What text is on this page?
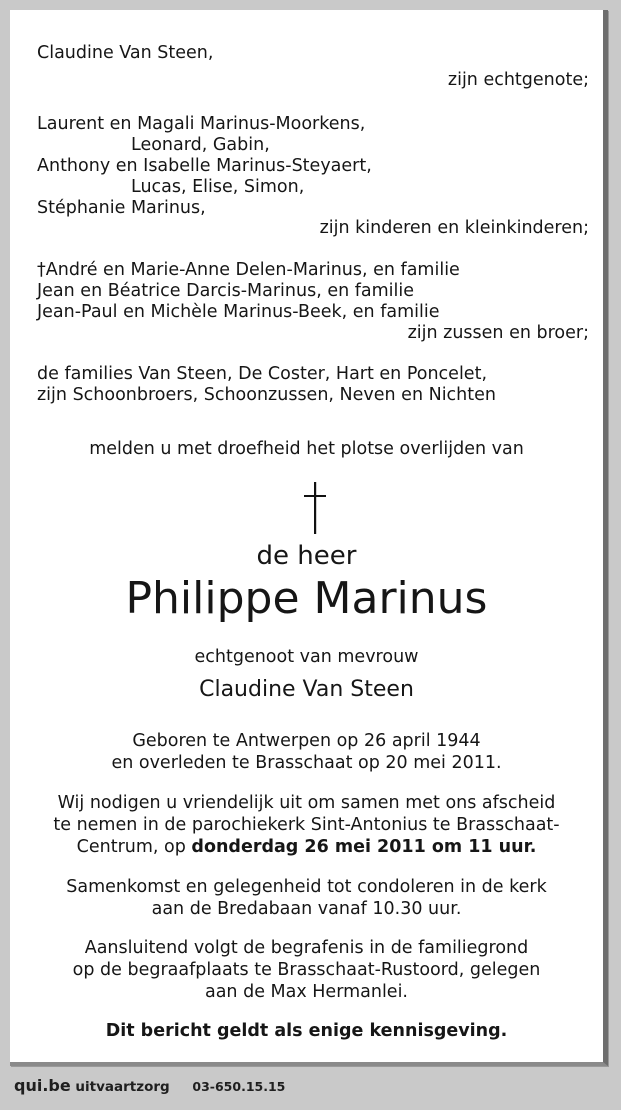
Claudine Van Steen,
zijn echtgenote;
Laurent en Magali Marinus-Moorkens,
Leonard, Gabin,
Anthony en Isabelle Marinus-Steyaert,
Lucas, Elise, Simon,
Stéphanie Marinus,
zijn kinderen en kleinkinderen;
†André en Marie-Anne Delen-Marinus, en familie
Jean en Béatrice Darcis-Marinus, en familie
Jean-Paul en Michèle Marinus-Beek, en familie
zijn zussen en broer;
de families Van Steen, De Coster, Hart en Poncelet,
zijn Schoonbroers, Schoonzussen, Neven en Nichten
melden u met droefheid het plotse overlijden van
de heer
Philippe Marinus
echtgenoot van mevrouw
Claudine Van Steen
Geboren te Antwerpen op 26 april 1944
en overleden te Brasschaat op 20 mei 2011.
Wij nodigen u vriendelijk uit om samen met ons afscheid
te nemen in de parochiekerk Sint-Antonius te Brasschaat-
Centrum, op donderdag 26 mei 2011 om 11 uur.
Samenkomst en gelegenheid tot condoleren in de kerk
aan de Bredabaan vanaf 10.30 uur.
Aansluitend volgt de begrafenis in de familiegrond
op de begraafplaats te Brasschaat-Rustoord, gelegen
aan de Max Hermanlei.
Dit bericht geldt als enige kennisgeving.
qui.be uitvaartzorg 03-650.15.15
